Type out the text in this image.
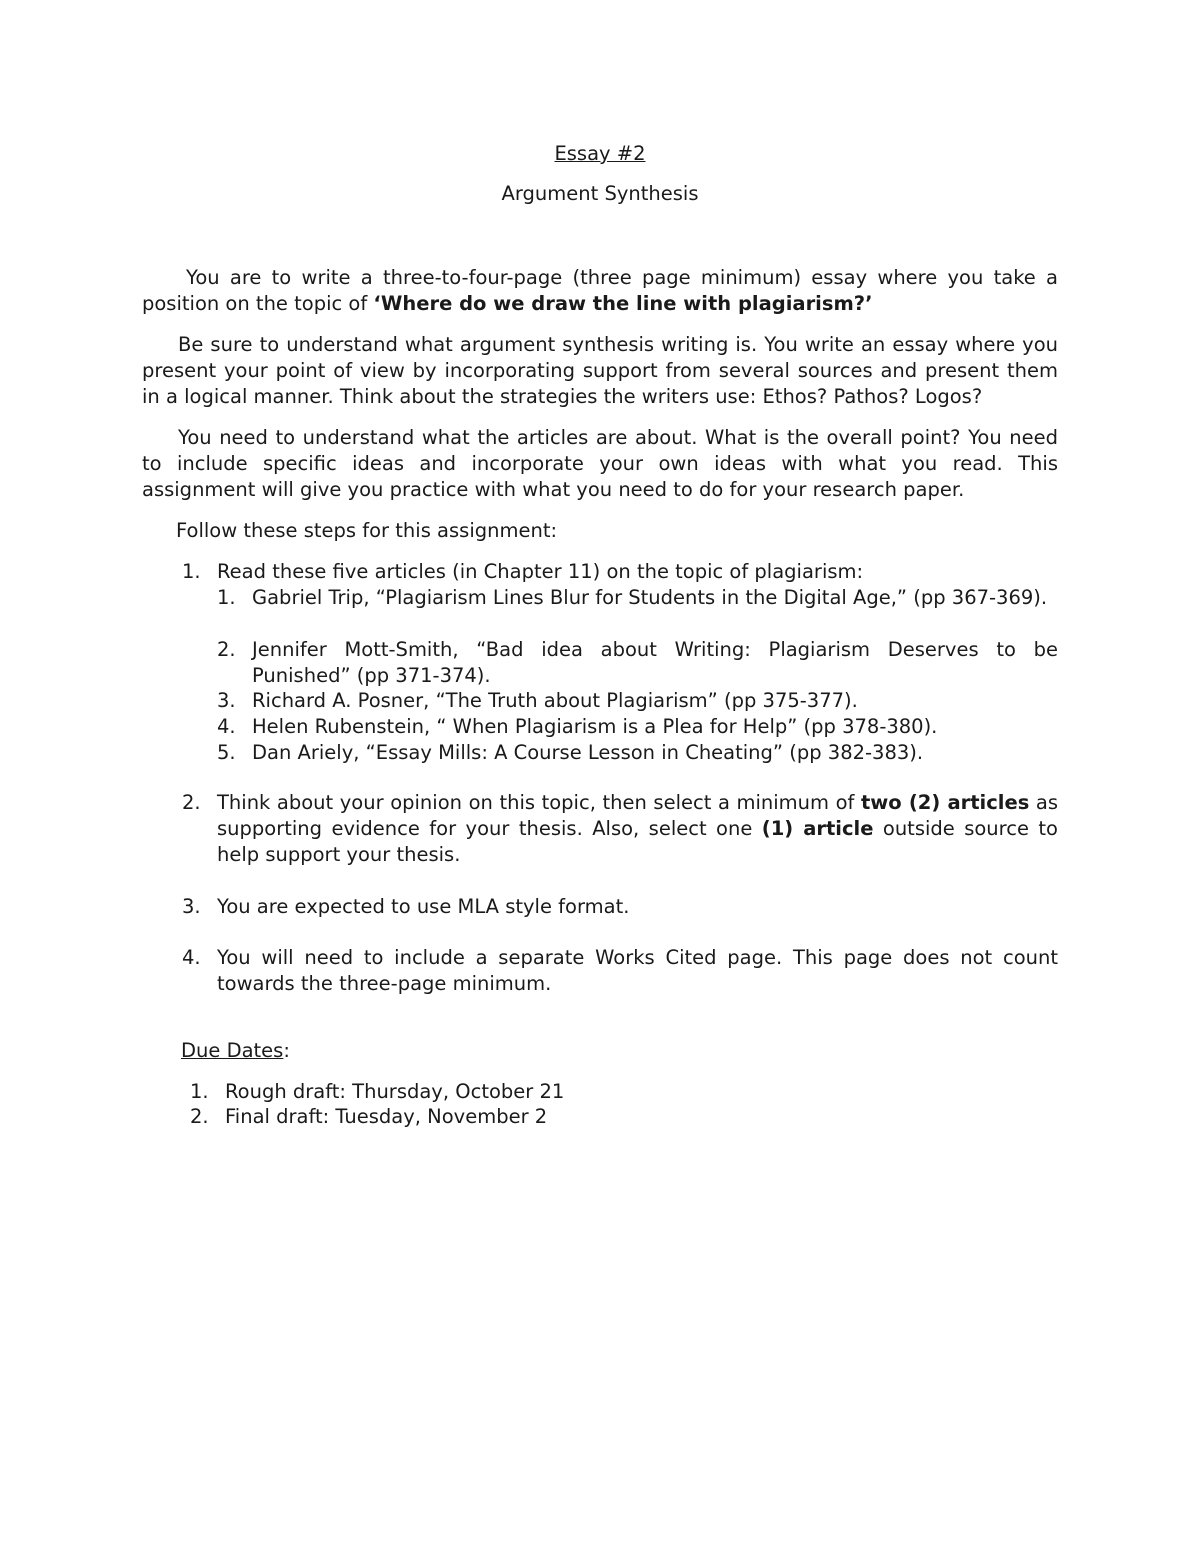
Essay #2

Argument Synthesis

You are to write a three-to-four-page (three page minimum) essay where you take a position on the topic of ‘Where do we draw the line with plagiarism?’

Be sure to understand what argument synthesis writing is. You write an essay where you present your point of view by incorporating support from several sources and present them in a logical manner. Think about the strategies the writers use: Ethos? Pathos? Logos?

You need to understand what the articles are about. What is the overall point? You need to include specific ideas and incorporate your own ideas with what you read. This assignment will give you practice with what you need to do for your research paper.

Follow these steps for this assignment:

1. Read these five articles (in Chapter 11) on the topic of plagiarism:

1. Gabriel Trip, “Plagiarism Lines Blur for Students in the Digital Age,” (pp 367-369).

2. Jennifer Mott-Smith, “Bad idea about Writing: Plagiarism Deserves to be Punished” (pp 371-374).

3. Richard A. Posner, “The Truth about Plagiarism” (pp 375-377).

4. Helen Rubenstein, “ When Plagiarism is a Plea for Help” (pp 378-380).

5. Dan Ariely, “Essay Mills: A Course Lesson in Cheating” (pp 382-383).

2. Think about your opinion on this topic, then select a minimum of two (2) articles as supporting evidence for your thesis. Also, select one (1) article outside source to help support your thesis.

3. You are expected to use MLA style format.

4. You will need to include a separate Works Cited page. This page does not count towards the three-page minimum.

Due Dates:

1. Rough draft: Thursday, October 21

2. Final draft: Tuesday, November 2
